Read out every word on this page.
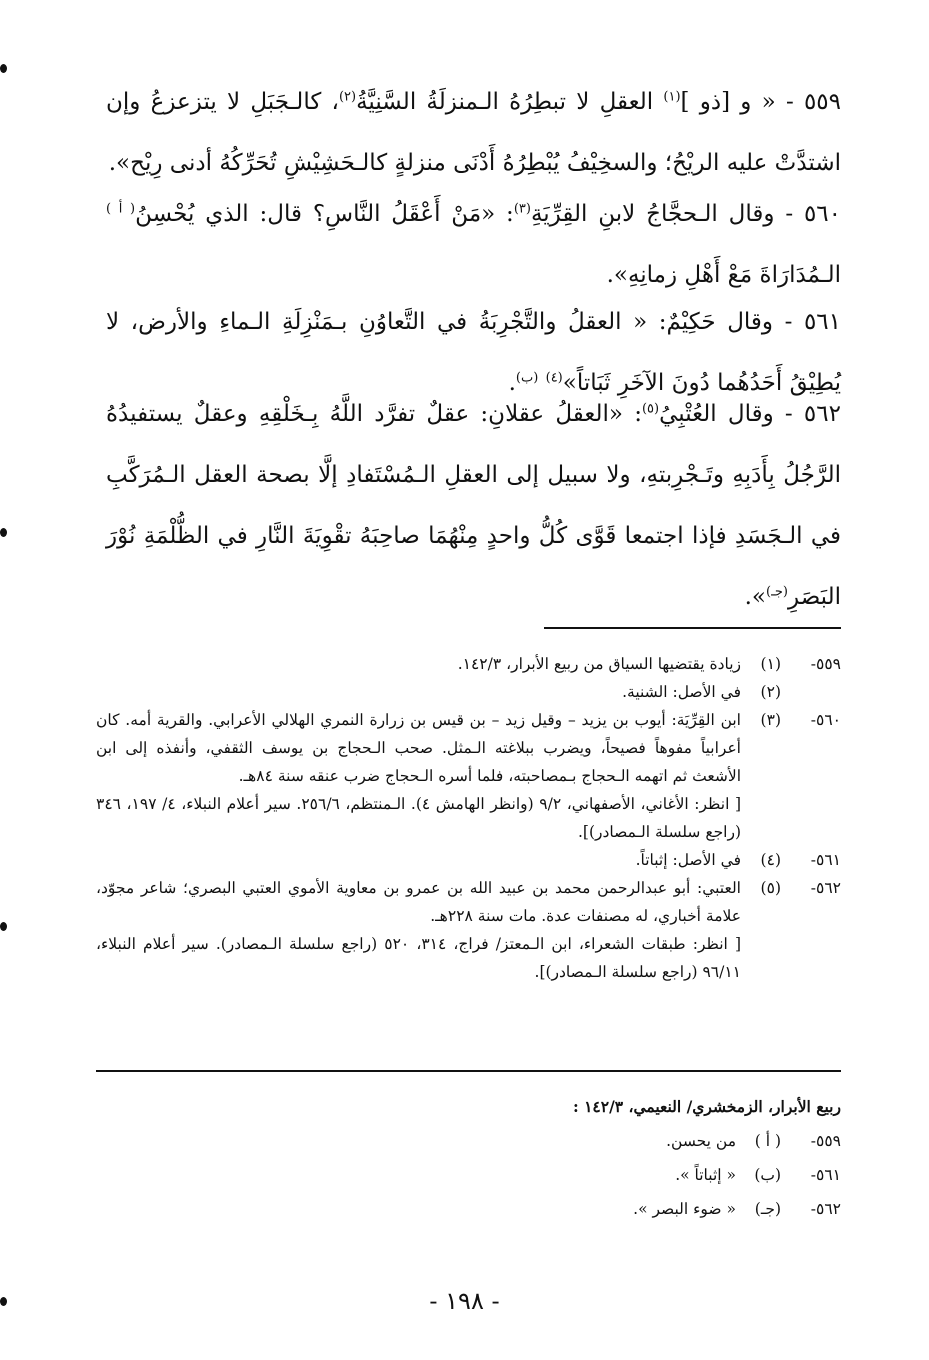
٥٥٩ - « و [ذو ]$^{(١)}$ العقلِ لا تبطِرُهُ الـمنزلَةُ السَّنِيَّةُ$^{(٢)}$، كالـجَبَلِ لا يتزعزعُ وإن اشتدَّتْ عليه الريْحُ؛ والسخِيْفُ يُبْطِرُهُ أَدْنَى منزلةٍ كالـحَشِيْشِ تُحَرِّكُهُ أدنى رِيْح».

٥٦٠ - وقال الـحجَّاجُ لابنِ القِرِّيَةِ$^{(٣)}$: «مَنْ أَعْقَلُ النَّاسِ؟ قال: الذي يُحْسِنُ$^{( أ )}$ الـمُدَارَاةَ مَعْ أَهْلِ زمانِهِ».

٥٦١ - وقال حَكِيْمٌ: « العقلُ والتَّجْرِبَةُ في التَّعاوُنِ بـمَنْزِلَةِ الـماءِ والأرض، لا يُطِيْقُ أَحَدُهُما دُونَ الآخَرِ ثَبَاتاً»$^{(٤)}$ $^{(ب)}$.

٥٦٢ - وقال العُتْبِيُ$^{(٥)}$: «العقلُ عقلانِ: عقلٌ تفرَّد اللَّهُ بِـخَلْقِهِ وعقلٌ يستفيدُهُ الرَّجُلُ بِأَدَبِهِ وتَـجْرِبتهِ، ولا سبيل إلى العقلِ الـمُسْتَفادِ إلَّا بصحة العقل الـمُرَكَّبِ في الـجَسَدِ فإذا اجتمعا قَوَّى كُلُّ واحدٍ مِنْهُمَا صاحِبَهُ تقْوِيَةَ النَّارِ في الظُّلْمَةِ نُوْرَ البَصَرِ$^{(جـ)}$».

٥٥٩-
(١)
زيادة يقتضيها السياق من ربيع الأبرار، ١٤٢/٣.
(٢)
في الأصل: الشنية.
٥٦٠-
(٣)
ابن القِرِّيَة: أيوب بن يزيد – وقيل زيد – بن قيس بن زرارة النمري الهلالي الأعرابي. والقرية أمه. كان أعرابياً مفوهاً فصيحاً، ويضرب ببلاغته الـمثل. صحب الـحجاج بن يوسف الثقفي، وأنفذه إلى ابن الأشعث ثم اتهمه الـحجاج بـمصاحبته، فلما أسره الـحجاج ضرب عنقه سنة ٨٤هـ.
[ انظر: الأغاني، الأصفهاني، ٩/٢ (وانظر الهامش ٤). الـمنتظم، ٢٥٦/٦. سير أعلام النبلاء، ٤/ ١٩٧، ٣٤٦ (راجع سلسلة الـمصادر)].
٥٦١-
(٤)
في الأصل: إثباتاً.
٥٦٢-
(٥)
العتبي: أبو عبدالرحمن محمد بن عبيد الله بن عمرو بن معاوية الأموي العتبي البصري؛ شاعر مجوّد، علامة أخباري، له مصنفات عدة. مات سنة ٢٢٨هـ.
[ انظر: طبقات الشعراء، ابن الـمعتز/ فراج، ٣١٤، ٥٢٠ (راجع سلسلة الـمصادر). سير أعلام النبلاء، ٩٦/١١ (راجع سلسلة الـمصادر)].
ربيع الأبرار، الزمخشري/ النعيمي، ١٤٢/٣ :
٥٥٩-
( أ )
من يحسن.
٥٦١-
(ب)
« إثباتاً ».
٥٦٢-
(جـ)
« ضوء البصر ».
- ١٩٨ -
